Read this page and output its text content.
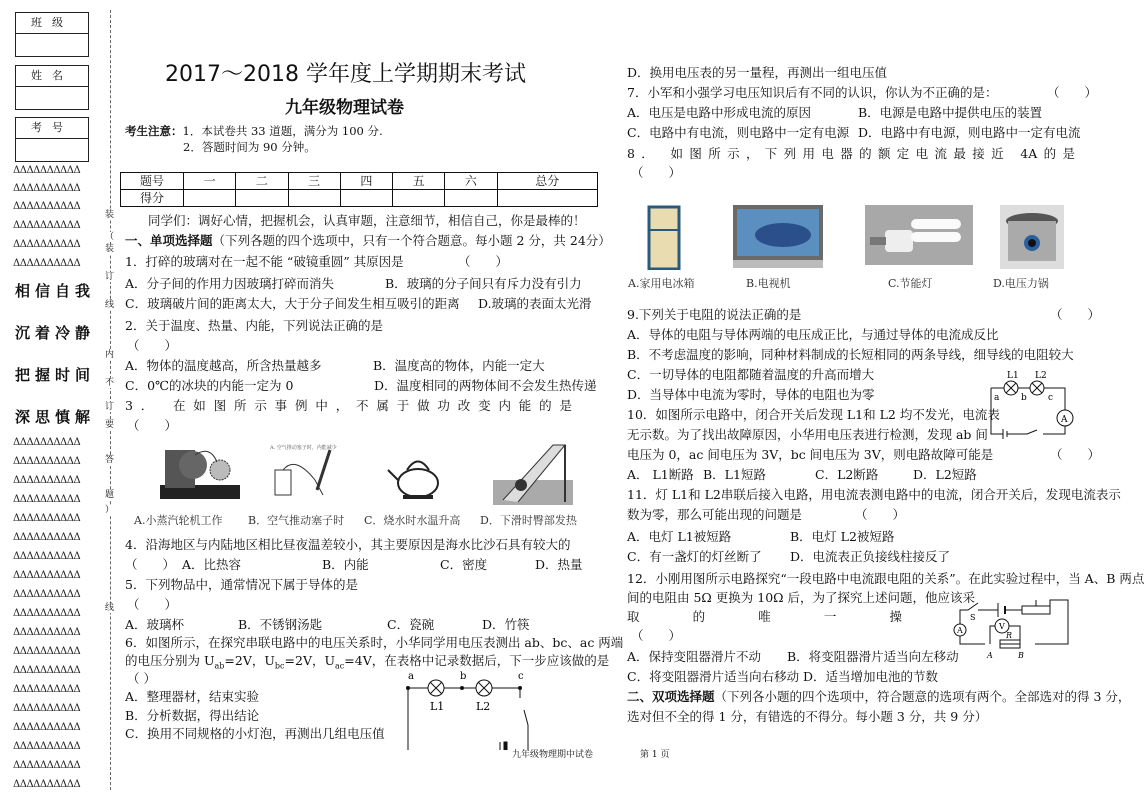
班级
姓名
考号
ΔΔΔΔΔΔΔΔΔΔ
ΔΔΔΔΔΔΔΔΔΔ
ΔΔΔΔΔΔΔΔΔΔ
ΔΔΔΔΔΔΔΔΔΔ
ΔΔΔΔΔΔΔΔΔΔ
ΔΔΔΔΔΔΔΔΔΔ
ΔΔΔΔΔΔΔΔΔΔ
ΔΔΔΔΔΔΔΔΔΔ
ΔΔΔΔΔΔΔΔΔΔ
ΔΔΔΔΔΔΔΔΔΔ
ΔΔΔΔΔΔΔΔΔΔ
ΔΔΔΔΔΔΔΔΔΔ
ΔΔΔΔΔΔΔΔΔΔ
ΔΔΔΔΔΔΔΔΔΔ
ΔΔΔΔΔΔΔΔΔΔ
ΔΔΔΔΔΔΔΔΔΔ
ΔΔΔΔΔΔΔΔΔΔ
ΔΔΔΔΔΔΔΔΔΔ
ΔΔΔΔΔΔΔΔΔΔ
ΔΔΔΔΔΔΔΔΔΔ
ΔΔΔΔΔΔΔΔΔΔ
ΔΔΔΔΔΔΔΔΔΔ
ΔΔΔΔΔΔΔΔΔΔ
ΔΔΔΔΔΔΔΔΔΔ
ΔΔΔΔΔΔΔΔΔΔ
相信自我
沉着冷静
把握时间
深思慎解
装
（
装
订
线
内
不
订
要
答
题
）
线
2017～2018 学年度上学期期末考试
九年级物理试卷
考生注意：1．本试卷共 33 道题，满分为 100 分.
2．答题时间为 90 分钟。
题号	一	二	三	四	五	六	总分
得分							
同学们：调好心情，把握机会，认真审题，注意细节，相信自己，你是最棒的！
一、单项选择题（下列各题的四个选项中，只有一个符合题意。每小题 2 分，共 24分）
1．打碎的玻璃对在一起不能 “破镜重圆” 其原因是	（　　）
A．分子间的作用力因玻璃打碎而消失	B．玻璃的分子间只有斥力没有引力
C．玻璃破片间的距离太大，大于分子间发生相互吸引的距离 D.玻璃的表面太光滑
2．关于温度、热量、内能，下列说法正确的是
（　　）
A．物体的温度越高，所含热量越多	B．温度高的物体，内能一定大
C．0℃的冰块的内能一定为 0	D．温度相同的两物体间不会发生热传递
3． 在如图所示事例中，不属于做功改变内能的是
（　　）
A. 空气推动塞子时，内能减少
A.小蒸汽轮机工作 B．空气推动塞子时 C．烧水时水温升高 D．下滑时臀部发热
4．沿海地区与内陆地区相比昼夜温差较小，其主要原因是海水比沙石具有较大的
（　　） A．比热容	B．内能	C．密度	D．热量
5．下列物品中，通常情况下属于导体的是
（　　）
A．玻璃杯	B．不锈钢汤匙	C．瓷碗	D．竹筷
6．如图所示，在探究串联电路中的电压关系时，小华同学用电压表测出 ab、bc、ac 两端
的电压分别为 $U_{ab}=2V$，$U_{bc}=2V$，$U_{ac}=4V$，在表格中记录数据后，下一步应该做的是
（ ）
A．整理器材，结束实验
B．分析数据，得出结论
C．换用不同规格的小灯泡，再测出几组电压值
a	b	c
L1	L2
D．换用电压表的另一量程，再测出一组电压值
7．小军和小强学习电压知识后有不同的认识，你认为不正确的是：	（　　）
A．电压是电路中形成电流的原因	B．电源是电路中提供电压的装置
C．电路中有电流，则电路中一定有电源 D．电路中有电源，则电路中一定有电流
8． 如图所示，下列用电器的额定电流最接近 4A的是
（　　）
A.家用电冰箱	B.电视机	C.节能灯	D.电压力锅
9.下列关于电阻的说法正确的是	（　　）
A．导体的电阻与导体两端的电压成正比，与通过导体的电流成反比
B．不考虑温度的影响，同种材料制成的长短相同的两条导线，细导线的电阻较大
C．一切导体的电阻都随着温度的升高而增大
D．当导体中电流为零时，导体的电阻也为零
10．如图所示电路中，闭合开关后发现 L1和 L2 均不发光，电流表
无示数。为了找出故障原因，小华用电压表进行检测，发现 ab 间
电压为 0，ac 间电压为 3V，bc 间电压为 3V，则电路故障可能是	（　　）
L1 L2
a b c
A
A． L1断路 B．L1短路	C．L2断路	D．L2短路
11．灯 L1和 L2串联后接入电路，用电流表测电路中的电流，闭合开关后，发现电流表示
数为零，那么可能出现的问题是	（　　）
A．电灯 L1被短路	B．电灯 L2被短路
C．有一盏灯的灯丝断了 D．电流表正负接线柱接反了
12．小刚用图所示电路探究“一段电路中电流跟电阻的关系”。在此实验过程中，当 A、B 两点
间的电阻由 5Ω 更换为 10Ω 后，为了探究上述问题，他应该采
取的唯一操
（　　）	A	V
S
R
A	B
A．保持变阻器滑片不动 B．将变阻器滑片适当向左移动
C．将变阻器滑片适当向右移动 D．适当增加电池的节数
二、双项选择题（下列各小题的四个选项中，符合题意的选项有两个。全部选对的得 3 分，
选对但不全的得 1 分，有错选的不得分。每小题 3 分，共 9 分）
九年级物理期中试卷	第 1 页
